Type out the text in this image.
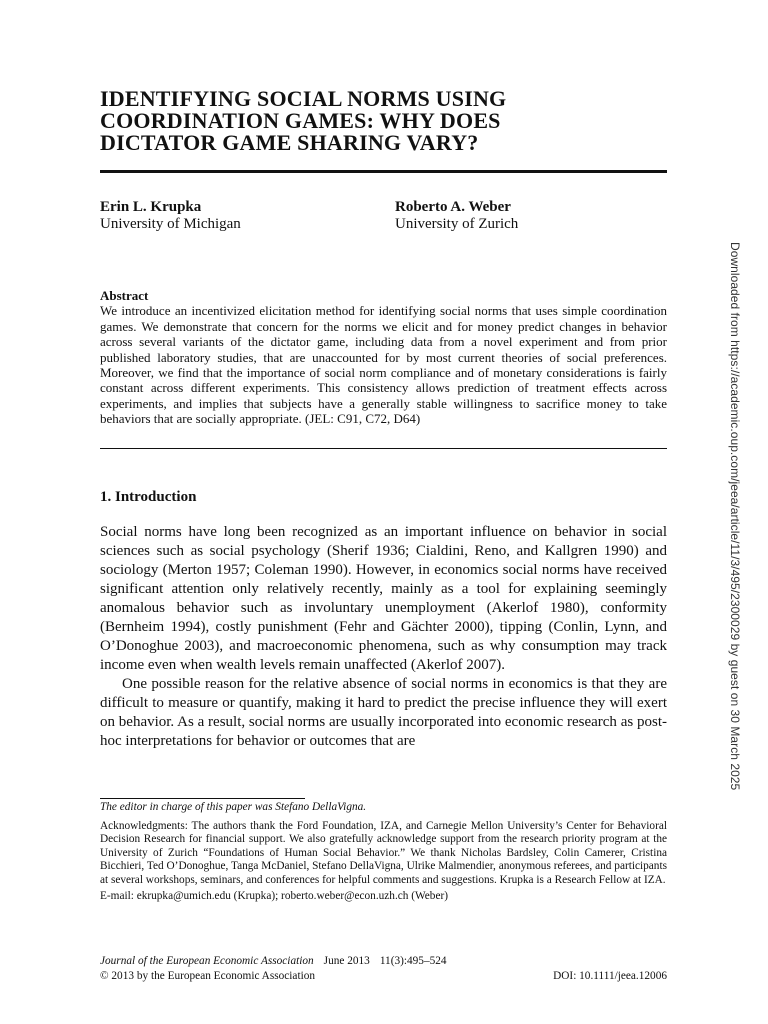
IDENTIFYING SOCIAL NORMS USING
COORDINATION GAMES: WHY DOES
DICTATOR GAME SHARING VARY?
Erin L. Krupka
University of Michigan
Roberto A. Weber
University of Zurich
Abstract
We introduce an incentivized elicitation method for identifying social norms that uses simple coordination games. We demonstrate that concern for the norms we elicit and for money predict changes in behavior across several variants of the dictator game, including data from a novel experiment and from prior published laboratory studies, that are unaccounted for by most current theories of social preferences. Moreover, we find that the importance of social norm compliance and of monetary considerations is fairly constant across different experiments. This consistency allows prediction of treatment effects across experiments, and implies that subjects have a generally stable willingness to sacrifice money to take behaviors that are socially appropriate. (JEL: C91, C72, D64)
1. Introduction

Social norms have long been recognized as an important influence on behavior in social sciences such as social psychology (Sherif 1936; Cialdini, Reno, and Kallgren 1990) and sociology (Merton 1957; Coleman 1990). However, in economics social norms have received significant attention only relatively recently, mainly as a tool for explaining seemingly anomalous behavior such as involuntary unemployment (Akerlof 1980), conformity (Bernheim 1994), costly punishment (Fehr and Gächter 2000), tipping (Conlin, Lynn, and O’Donoghue 2003), and macroeconomic phenomena, such as why consumption may track income even when wealth levels remain unaffected (Akerlof 2007).

One possible reason for the relative absence of social norms in economics is that they are difficult to measure or quantify, making it hard to predict the precise influence they will exert on behavior. As a result, social norms are usually incorporated into economic research as post-hoc interpretations for behavior or outcomes that are

The editor in charge of this paper was Stefano DellaVigna.

Acknowledgments: The authors thank the Ford Foundation, IZA, and Carnegie Mellon University’s Center for Behavioral Decision Research for financial support. We also gratefully acknowledge support from the research priority program at the University of Zurich “Foundations of Human Social Behavior.” We thank Nicholas Bardsley, Colin Camerer, Cristina Bicchieri, Ted O’Donoghue, Tanga McDaniel, Stefano DellaVigna, Ulrike Malmendier, anonymous referees, and participants at several workshops, seminars, and conferences for helpful comments and suggestions. Krupka is a Research Fellow at IZA.

E-mail: ekrupka@umich.edu (Krupka); roberto.weber@econ.uzh.ch (Weber)

Journal of the European Economic Association June 2013 11(3):495–524
© 2013 by the European Economic Association	DOI: 10.1111/jeea.12006
Downloaded from https://academic.oup.com/jeea/article/11/3/495/2300029 by guest on 30 March 2025
